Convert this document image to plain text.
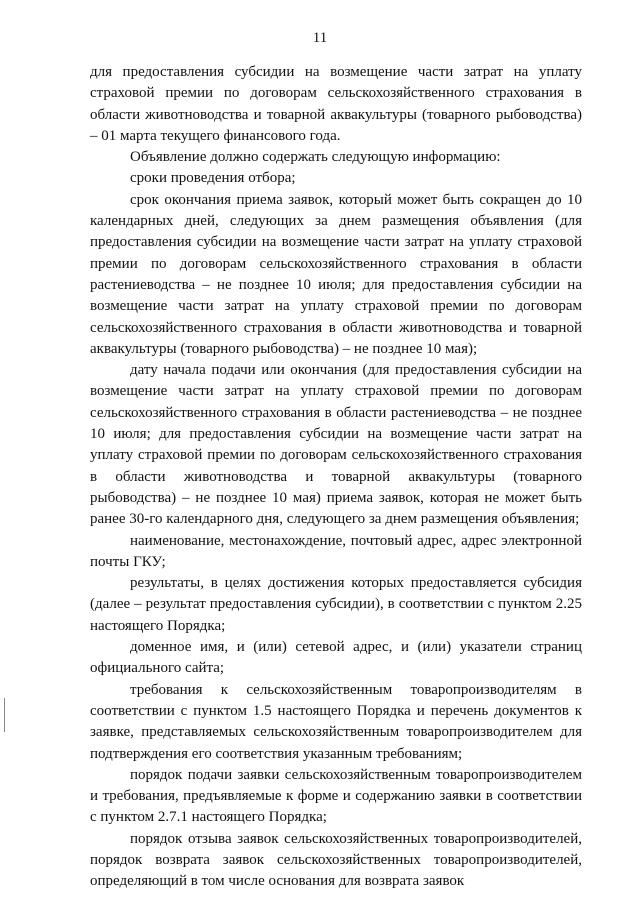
11

для предоставления субсидии на возмещение части затрат на уплату страховой премии по договорам сельскохозяйственного страхования в области животноводства и товарной аквакультуры (товарного рыбоводства) – 01 марта текущего финансового года.

Объявление должно содержать следующую информацию:

сроки проведения отбора;

срок окончания приема заявок, который может быть сокращен до 10 календарных дней, следующих за днем размещения объявления (для предоставления субсидии на возмещение части затрат на уплату страховой премии по договорам сельскохозяйственного страхования в области растениеводства – не позднее 10 июля; для предоставления субсидии на возмещение части затрат на уплату страховой премии по договорам сельскохозяйственного страхования в области животноводства и товарной аквакультуры (товарного рыбоводства) – не позднее 10 мая);

дату начала подачи или окончания (для предоставления субсидии на возмещение части затрат на уплату страховой премии по договорам сельскохозяйственного страхования в области растениеводства – не позднее 10 июля; для предоставления субсидии на возмещение части затрат на уплату страховой премии по договорам сельскохозяйственного страхования в области животноводства и товарной аквакультуры (товарного рыбоводства) – не позднее 10 мая) приема заявок, которая не может быть ранее 30-го календарного дня, следующего за днем размещения объявления;

наименование, местонахождение, почтовый адрес, адрес электронной почты ГКУ;

результаты, в целях достижения которых предоставляется субсидия (далее – результат предоставления субсидии), в соответствии с пунктом 2.25 настоящего Порядка;

доменное имя, и (или) сетевой адрес, и (или) указатели страниц официального сайта;

требования к сельскохозяйственным товаропроизводителям в соответствии с пунктом 1.5 настоящего Порядка и перечень документов к заявке, представляемых сельскохозяйственным товаропроизводителем для подтверждения его соответствия указанным требованиям;

порядок подачи заявки сельскохозяйственным товаропроизводителем и требования, предъявляемые к форме и содержанию заявки в соответствии с пунктом 2.7.1 настоящего Порядка;

порядок отзыва заявок сельскохозяйственных товаропроизводителей, порядок возврата заявок сельскохозяйственных товаропроизводителей, определяющий в том числе основания для возврата заявок
